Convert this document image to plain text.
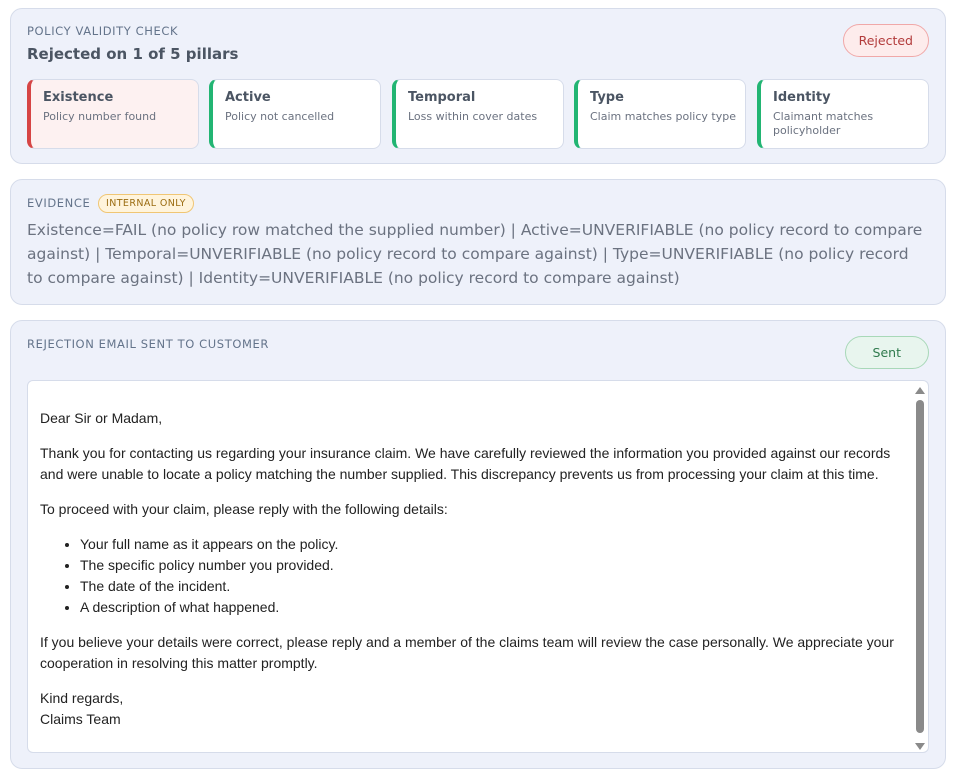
POLICY VALIDITY CHECK
Rejected on 1 of 5 pillars
Rejected
Existence
Policy number found
Active
Policy not cancelled
Temporal
Loss within cover dates
Type
Claim matches policy type
Identity
Claimant matches policyholder
EVIDENCE	INTERNAL ONLY
Existence=FAIL (no policy row matched the supplied number) | Active=UNVERIFIABLE (no policy record to compare against) | Temporal=UNVERIFIABLE (no policy record to compare against) | Type=UNVERIFIABLE (no policy record to compare against) | Identity=UNVERIFIABLE (no policy record to compare against)
REJECTION EMAIL SENT TO CUSTOMER
Sent

Dear Sir or Madam,

Thank you for contacting us regarding your insurance claim. We have carefully reviewed the information you provided against our records and were unable to locate a policy matching the number supplied. This discrepancy prevents us from processing your claim at this time.

To proceed with your claim, please reply with the following details:

• Your full name as it appears on the policy.
• The specific policy number you provided.
• The date of the incident.
• A description of what happened.

If you believe your details were correct, please reply and a member of the claims team will review the case personally. We appreciate your cooperation in resolving this matter promptly.

Kind regards,
Claims Team
